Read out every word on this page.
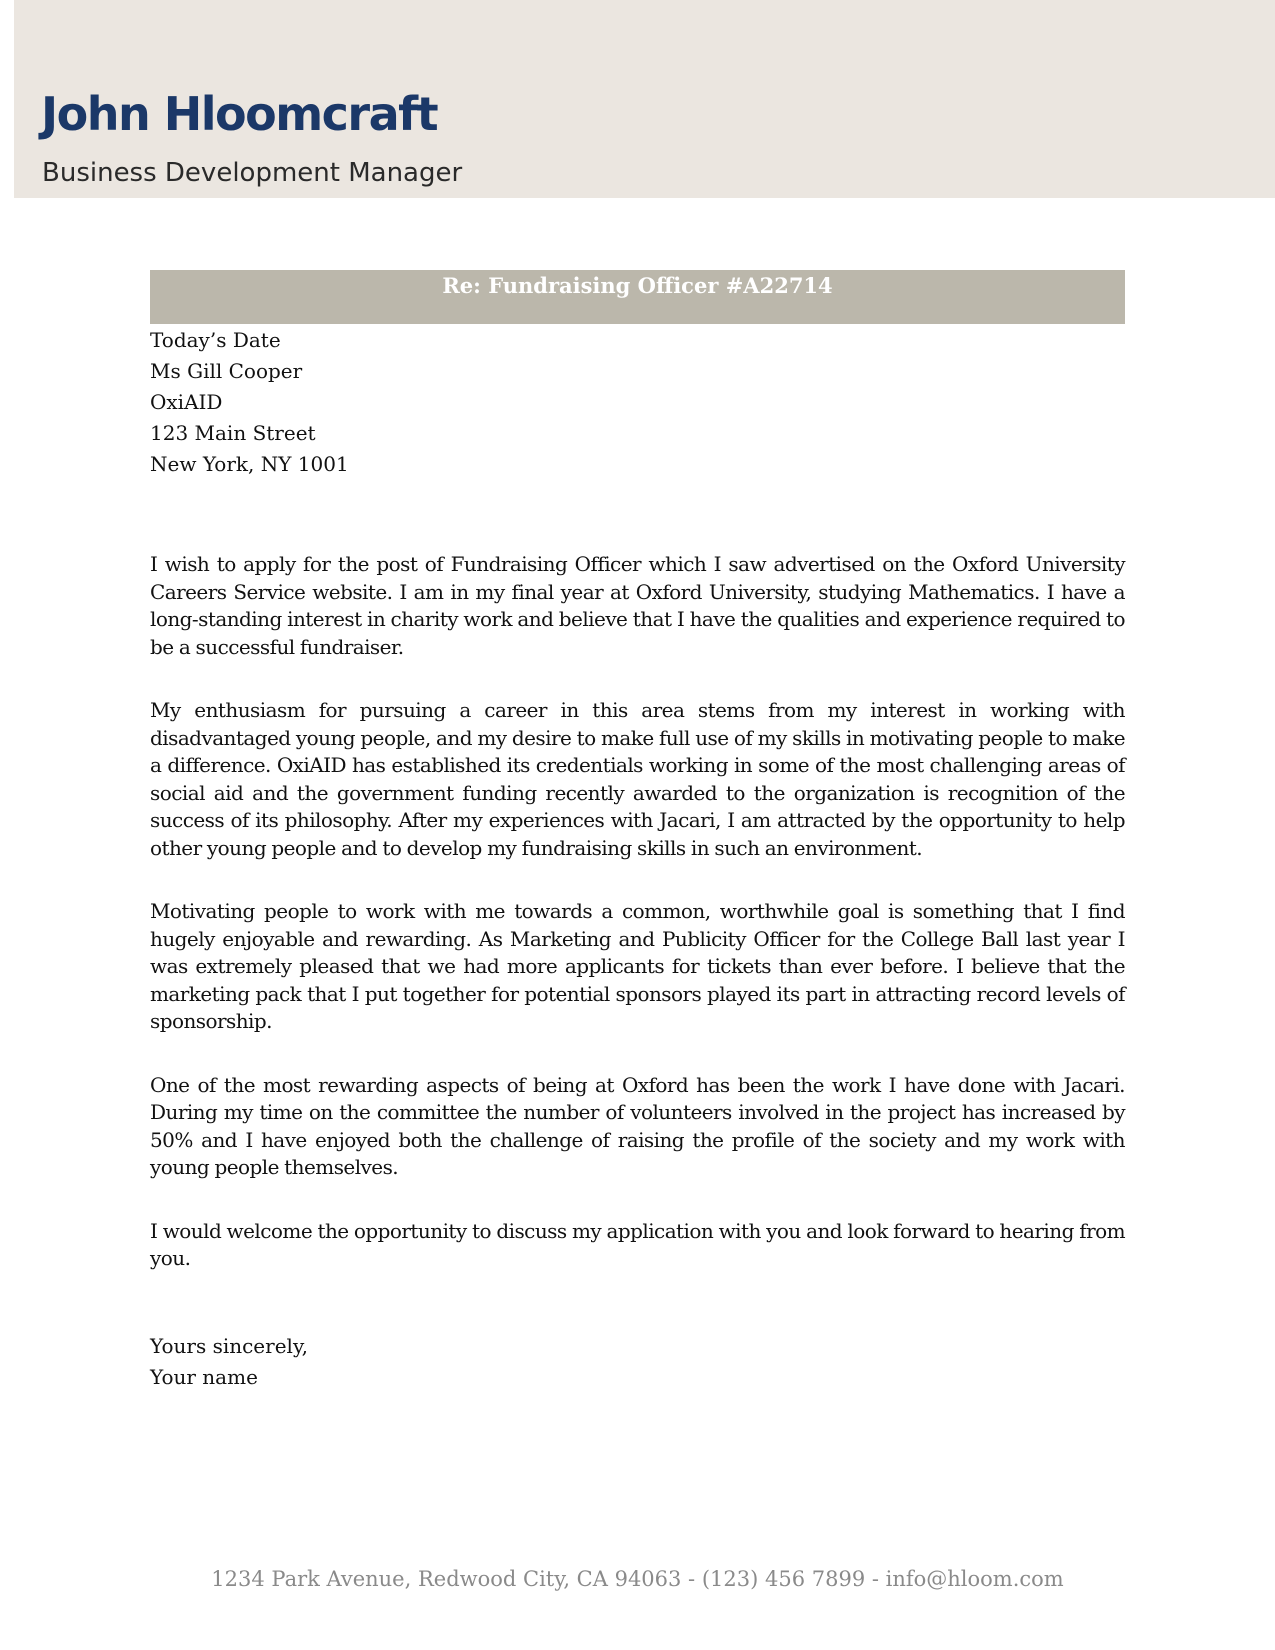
John Hloomcraft
Business Development Manager
Re: Fundraising Officer #A22714
Today’s Date
Ms Gill Cooper
OxiAID
123 Main Street
New York, NY 1001

I wish to apply for the post of Fundraising Officer which I saw advertised on the Oxford University Careers Service website. I am in my final year at Oxford University, studying Mathematics. I have a long-standing interest in charity work and believe that I have the qualities and experience required to be a successful fundraiser.

My enthusiasm for pursuing a career in this area stems from my interest in working with disadvantaged young people, and my desire to make full use of my skills in motivating people to make a difference. OxiAID has established its credentials working in some of the most challenging areas of social aid and the government funding recently awarded to the organization is recognition of the success of its philosophy. After my experiences with Jacari, I am attracted by the opportunity to help other young people and to develop my fundraising skills in such an environment.

Motivating people to work with me towards a common, worthwhile goal is something that I find hugely enjoyable and rewarding. As Marketing and Publicity Officer for the College Ball last year I was extremely pleased that we had more applicants for tickets than ever before. I believe that the marketing pack that I put together for potential sponsors played its part in attracting record levels of sponsorship.

One of the most rewarding aspects of being at Oxford has been the work I have done with Jacari. During my time on the committee the number of volunteers involved in the project has increased by 50% and I have enjoyed both the challenge of raising the profile of the society and my work with young people themselves.

I would welcome the opportunity to discuss my application with you and look forward to hearing from you.

Yours sincerely,
Your name
1234 Park Avenue, Redwood City, CA 94063 - (123) 456 7899 - info@hloom.com
